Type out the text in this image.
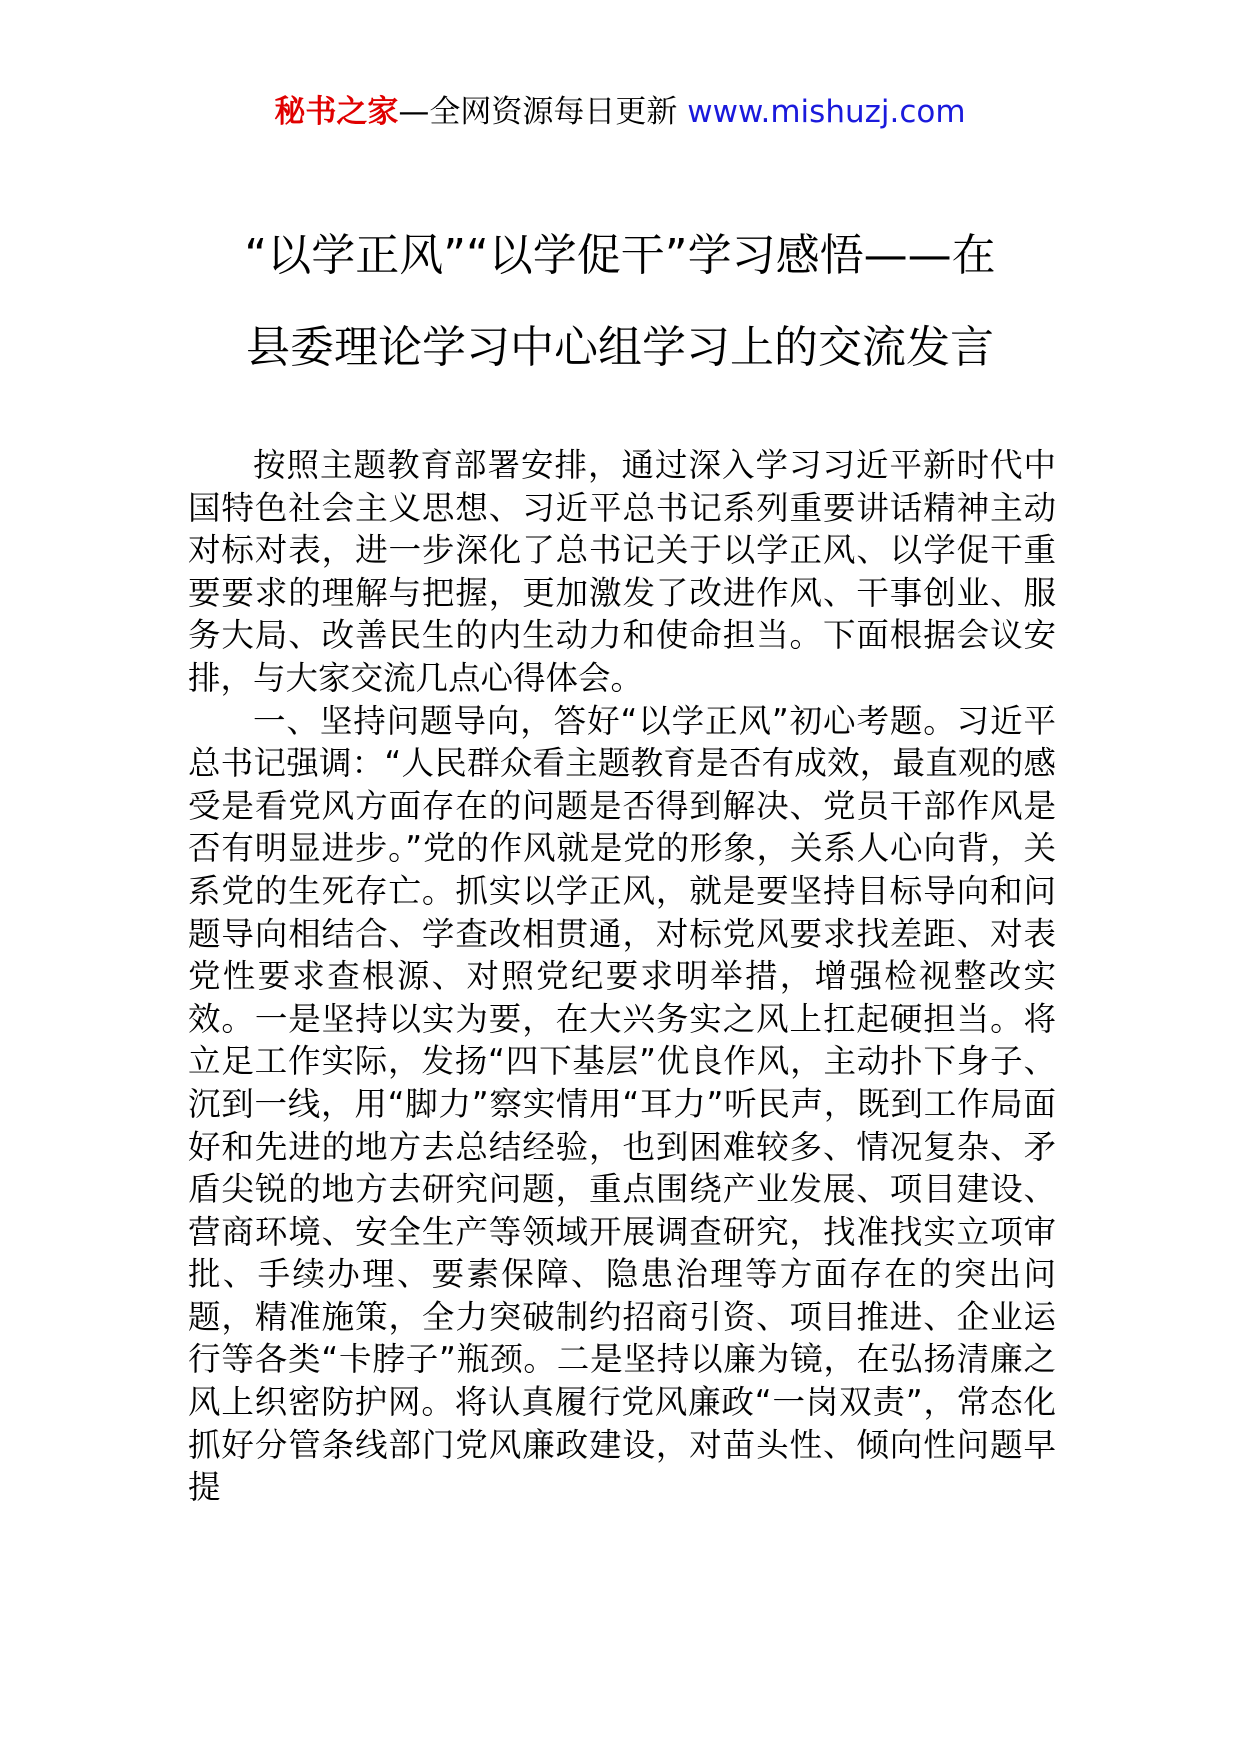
秘书之家—全网资源每日更新 www.mishuzj.com
“以学正风”“以学促干”学习感悟——在
县委理论学习中心组学习上的交流发言

按照主题教育部署安排，通过深入学习习近平新时代中国特色社会主义思想、习近平总书记系列重要讲话精神主动对标对表，进一步深化了总书记关于以学正风、以学促干重要要求的理解与把握，更加激发了改进作风、干事创业、服务大局、改善民生的内生动力和使命担当。下面根据会议安排，与大家交流几点心得体会。

一、坚持问题导向，答好“以学正风”初心考题。习近平总书记强调：“人民群众看主题教育是否有成效，最直观的感受是看党风方面存在的问题是否得到解决、党员干部作风是否有明显进步。”党的作风就是党的形象，关系人心向背，关系党的生死存亡。抓实以学正风，就是要坚持目标导向和问题导向相结合、学查改相贯通，对标党风要求找差距、对表党性要求查根源、对照党纪要求明举措，增强检视整改实效。一是坚持以实为要，在大兴务实之风上扛起硬担当。将立足工作实际，发扬“四下基层”优良作风，主动扑下身子、沉到一线，用“脚力”察实情用“耳力”听民声，既到工作局面好和先进的地方去总结经验，也到困难较多、情况复杂、矛盾尖锐的地方去研究问题，重点围绕产业发展、项目建设、营商环境、安全生产等领域开展调查研究，找准找实立项审批、手续办理、要素保障、隐患治理等方面存在的突出问题，精准施策，全力突破制约招商引资、项目推进、企业运行等各类“卡脖子”瓶颈。二是坚持以廉为镜，在弘扬清廉之风上织密防护网。将认真履行党风廉政“一岗双责”，常态化抓好分管条线部门党风廉政建设，对苗头性、倾向性问题早提
